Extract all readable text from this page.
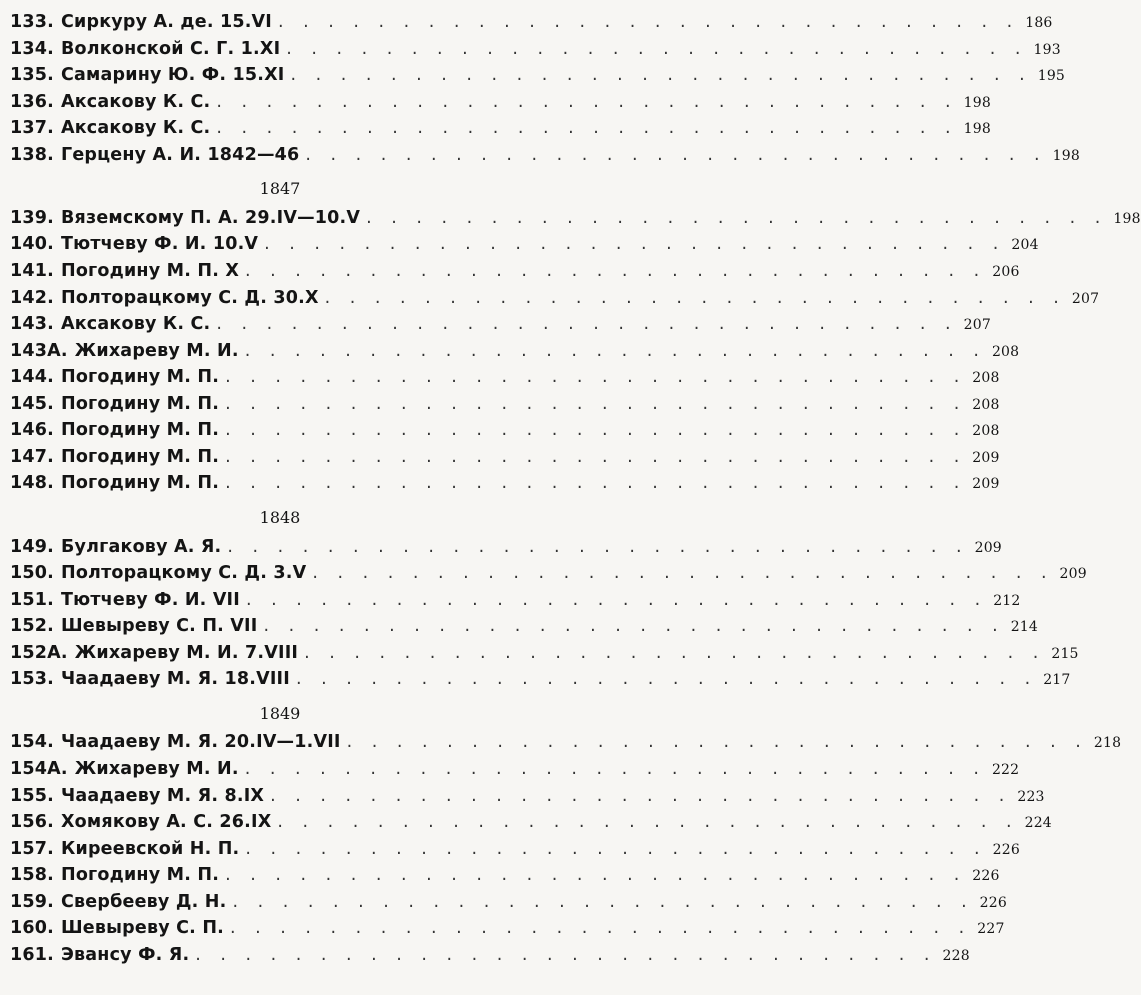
133. Сиркуру А. де. 15.VI . . . . . . . . . . . . . . . . . . . . . . . . . . . . . . 186
134. Волконской С. Г. 1.XI . . . . . . . . . . . . . . . . . . . . . . . . . . . . . . 193
135. Самарину Ю. Ф. 15.XI . . . . . . . . . . . . . . . . . . . . . . . . . . . . . . 195
136. Аксакову К. С. . . . . . . . . . . . . . . . . . . . . . . . . . . . . . . 198
137. Аксакову К. С. . . . . . . . . . . . . . . . . . . . . . . . . . . . . . . 198
138. Герцену А. И. 1842—46 . . . . . . . . . . . . . . . . . . . . . . . . . . . . . . 198
1847
139. Вяземскому П. А. 29.IV—10.V . . . . . . . . . . . . . . . . . . . . . . . . . . . . . . 198
140. Тютчеву Ф. И. 10.V . . . . . . . . . . . . . . . . . . . . . . . . . . . . . . 204
141. Погодину М. П. X . . . . . . . . . . . . . . . . . . . . . . . . . . . . . . 206
142. Полторацкому С. Д. 30.X . . . . . . . . . . . . . . . . . . . . . . . . . . . . . . 207
143. Аксакову К. С. . . . . . . . . . . . . . . . . . . . . . . . . . . . . . . 207
143А. Жихареву М. И. . . . . . . . . . . . . . . . . . . . . . . . . . . . . . . 208
144. Погодину М. П. . . . . . . . . . . . . . . . . . . . . . . . . . . . . . . 208
145. Погодину М. П. . . . . . . . . . . . . . . . . . . . . . . . . . . . . . . 208
146. Погодину М. П. . . . . . . . . . . . . . . . . . . . . . . . . . . . . . . 208
147. Погодину М. П. . . . . . . . . . . . . . . . . . . . . . . . . . . . . . . 209
148. Погодину М. П. . . . . . . . . . . . . . . . . . . . . . . . . . . . . . . 209
1848
149. Булгакову А. Я. . . . . . . . . . . . . . . . . . . . . . . . . . . . . . . 209
150. Полторацкому С. Д. 3.V . . . . . . . . . . . . . . . . . . . . . . . . . . . . . . 209
151. Тютчеву Ф. И. VII . . . . . . . . . . . . . . . . . . . . . . . . . . . . . . 212
152. Шевыреву С. П. VII . . . . . . . . . . . . . . . . . . . . . . . . . . . . . . 214
152А. Жихареву М. И. 7.VIII . . . . . . . . . . . . . . . . . . . . . . . . . . . . . . 215
153. Чаадаеву М. Я. 18.VIII . . . . . . . . . . . . . . . . . . . . . . . . . . . . . . 217
1849
154. Чаадаеву М. Я. 20.IV—1.VII . . . . . . . . . . . . . . . . . . . . . . . . . . . . . . 218
154А. Жихареву М. И. . . . . . . . . . . . . . . . . . . . . . . . . . . . . . . 222
155. Чаадаеву М. Я. 8.IX . . . . . . . . . . . . . . . . . . . . . . . . . . . . . . 223
156. Хомякову А. С. 26.IX . . . . . . . . . . . . . . . . . . . . . . . . . . . . . . 224
157. Киреевской Н. П. . . . . . . . . . . . . . . . . . . . . . . . . . . . . . . 226
158. Погодину М. П. . . . . . . . . . . . . . . . . . . . . . . . . . . . . . . 226
159. Свербееву Д. Н. . . . . . . . . . . . . . . . . . . . . . . . . . . . . . . 226
160. Шевыреву С. П. . . . . . . . . . . . . . . . . . . . . . . . . . . . . . . 227
161. Эвансу Ф. Я. . . . . . . . . . . . . . . . . . . . . . . . . . . . . . . 228
